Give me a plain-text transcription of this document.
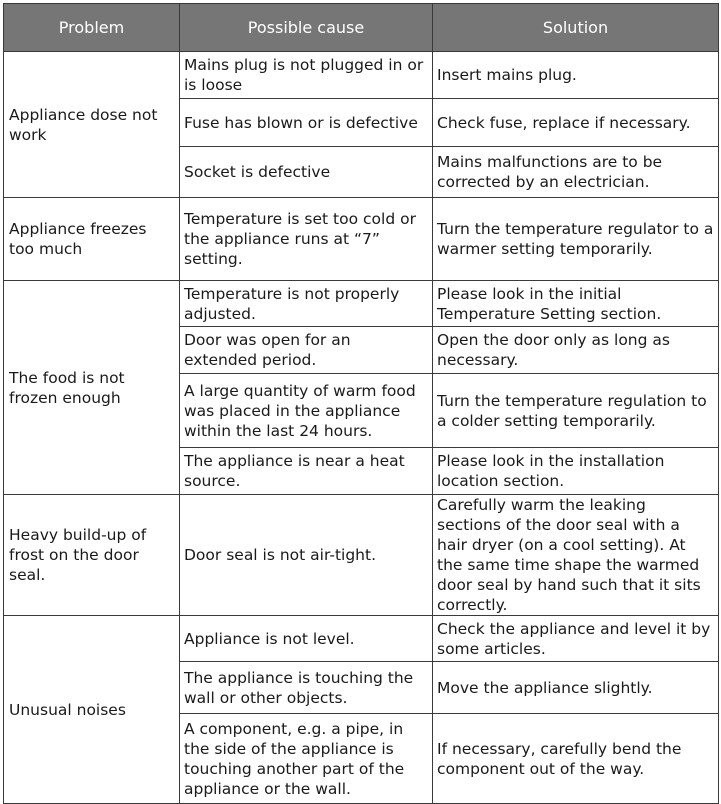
Problem	Possible cause	Solution
Appliance dose not work	Mains plug is not plugged in or is loose	Insert mains plug.
	Fuse has blown or is defective	Check fuse, replace if necessary.
	Socket is defective	Mains malfunctions are to be corrected by an electrician.
Appliance freezes too much	Temperature is set too cold or the appliance runs at “7” setting.	Turn the temperature regulator to a warmer setting temporarily.
The food is not frozen enough	Temperature is not properly adjusted.	Please look in the initial Temperature Setting section.
	Door was open for an extended period.	Open the door only as long as necessary.
	A large quantity of warm food was placed in the appliance within the last 24 hours.	Turn the temperature regulation to a colder setting temporarily.
	The appliance is near a heat source.	Please look in the installation location section.
Heavy build-up of frost on the door seal.	Door seal is not air-tight.	Carefully warm the leaking sections of the door seal with a hair dryer (on a cool setting). At the same time shape the warmed door seal by hand such that it sits correctly.
Unusual noises	Appliance is not level.	Check the appliance and level it by some articles.
	The appliance is touching the wall or other objects.	Move the appliance slightly.
	A component, e.g. a pipe, in the side of the appliance is touching another part of the appliance or the wall.	If necessary, carefully bend the component out of the way.
